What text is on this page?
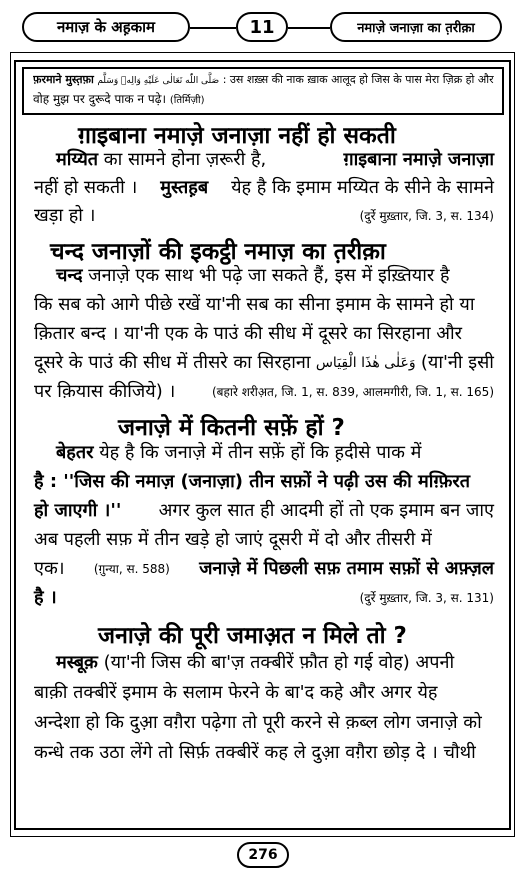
नमाज़ के अह़काम	11	नमाज़े जनाज़ा का त़रीक़ा
फ़रमाने मुस्त़फ़ा صَلَّى اللّٰه تَعَالٰى عَلَيْهِ وَالِهٖ وَسَلَّم : उस शख़्स की नाक ख़ाक आलूद हो जिस के पास मेरा ज़िक्र हो और
वोह मुझ पर दुरूदे पाक न पढ़े। (तिर्मिज़ी)
ग़ाइबाना नमाज़े जनाज़ा नहीं हो सकती
मय्यित का सामने होना ज़रूरी है,	ग़ाइबाना नमाज़े जनाज़ा
नहीं हो सकती । मुस्तह़ब येह है कि इमाम मय्यित के सीने के सामने
खड़ा हो ।	(दुर्रे मुख़्तार, जि. 3, स. 134)
चन्द जनाज़ों की इकट्ठी नमाज़ का त़रीक़ा
चन्द जनाज़े एक साथ भी पढ़े जा सकते हैं, इस में इख़्तियार है
कि सब को आगे पीछे रखें या'नी सब का सीना इमाम के सामने हो या
क़ितार बन्द । या'नी एक के पाउं की सीध में दूसरे का सिरहाना और
दूसरे के पाउं की सीध में तीसरे का सिरहाना وَعَلٰى هٰذَا الْقِيَاس (या'नी इसी
पर क़ियास कीजिये) ।	(बहारे शरीअ़त, जि. 1, स. 839, आलमगीरी, जि. 1, स. 165)
जनाज़े में कितनी सफ़ें हों ?
बेहतर येह है कि जनाज़े में तीन सफ़ें हों कि ह़दीसे पाक में
है : ''जिस की नमाज़ (जनाज़ा) तीन सफ़ों ने पढ़ी उस की मग़्फ़िरत
हो जाएगी ।'' अगर कुल सात ही आदमी हों तो एक इमाम बन जाए
अब पहली सफ़ में तीन खड़े हो जाएं दूसरी में दो और तीसरी में
एक। (ग़ुन्या, स. 588) जनाज़े में पिछली सफ़ तमाम सफ़ों से अफ़्ज़ल
है ।	(दुर्रे मुख़्तार, जि. 3, स. 131)
जनाज़े की पूरी जमाअ़त न मिले तो ?
मस्बूक़ (या'नी जिस की बा'ज़ तक्बीरें फ़ौत हो गई वोह) अपनी
बाक़ी तक्बीरें इमाम के सलाम फेरने के बा'द कहे और अगर येह
अन्देशा हो कि दुआ़ वग़ैरा पढ़ेगा तो पूरी करने से क़ब्ल लोग जनाज़े को
कन्धे तक उठा लेंगे तो सिर्फ़ तक्बीरें कह ले दुआ़ वग़ैरा छोड़ दे । चौथी
276
